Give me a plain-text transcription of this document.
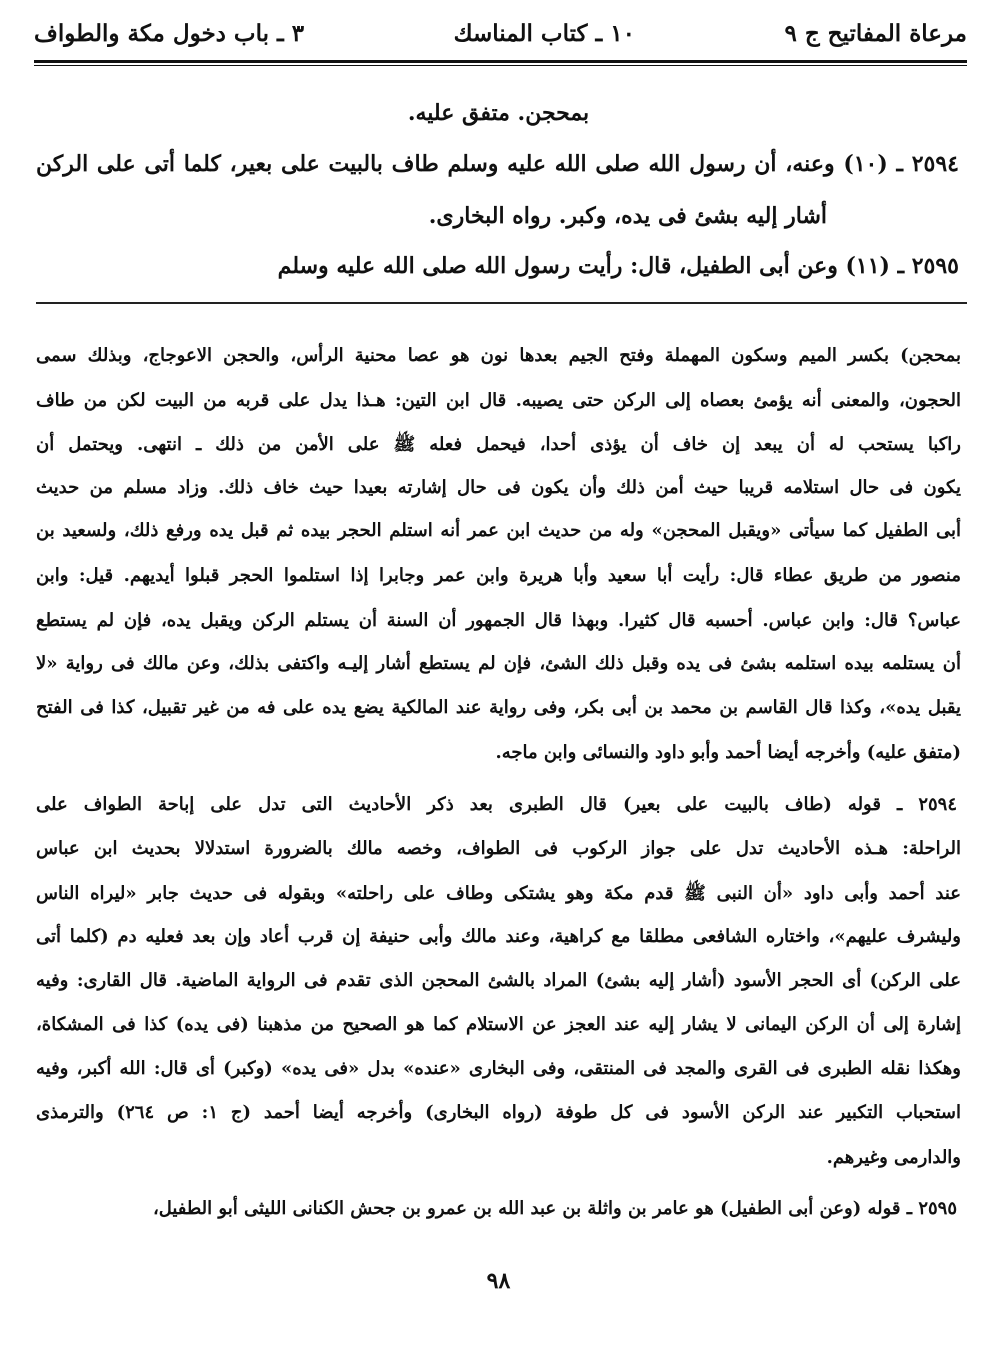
مرعاة المفاتيح ج ٩
١٠ ـ كتاب المناسك
٣ ـ باب دخول مكة والطواف
بمحجن. متفق عليه.
٢٥٩٤ ـ (١٠) وعنه، أن رسول الله صلى الله عليه وسلم طاف بالبيت على بعير، كلما أتى على الركن
أشار إليه بشئ فى يده، وكبر. رواه البخارى.
٢٥٩٥ ـ (١١) وعن أبى الطفيل، قال: رأيت رسول الله صلى الله عليه وسلم
بمحجن) بكسر الميم وسكون المهملة وفتح الجيم بعدها نون هو عصا محنية الرأس، والحجن الاعوجاج، وبذلك سمى
الحجون، والمعنى أنه يؤمئ بعصاه إلى الركن حتى يصيبه. قال ابن التين: هـذا يدل على قربه من البيت لكن من طاف
راكبا يستحب له أن يبعد إن خاف أن يؤذى أحدا، فيحمل فعله ﷺ على الأمن من ذلك ـ انتهى. ويحتمل أن
يكون فى حال استلامه قريبا حيث أمن ذلك وأن يكون فى حال إشارته بعيدا حيث خاف ذلك. وزاد مسلم من حديث
أبى الطفيل كما سيأتى «ويقبل المحجن» وله من حديث ابن عمر أنه استلم الحجر بيده ثم قبل يده ورفع ذلك، ولسعيد بن
منصور من طريق عطاء قال: رأيت أبا سعيد وأبا هريرة وابن عمر وجابرا إذا استلموا الحجر قبلوا أيديهم. قيل: وابن
عباس؟ قال: وابن عباس. أحسبه قال كثيرا. وبهذا قال الجمهور أن السنة أن يستلم الركن ويقبل يده، فإن لم يستطع
أن يستلمه بيده استلمه بشئ فى يده وقبل ذلك الشئ، فإن لم يستطع أشار إليـه واكتفى بذلك، وعن مالك فى رواية «لا
يقبل يده»، وكذا قال القاسم بن محمد بن أبى بكر، وفى رواية عند المالكية يضع يده على فه من غير تقبيل، كذا فى الفتح
(متفق عليه) وأخرجه أيضا أحمد وأبو داود والنسائى وابن ماجه.
٢٥٩٤ ـ قوله (طاف بالبيت على بعير) قال الطبرى بعد ذكر الأحاديث التى تدل على إباحة الطواف على
الراحلة: هـذه الأحاديث تدل على جواز الركوب فى الطواف، وخصه مالك بالضرورة استدلالا بحديث ابن عباس
عند أحمد وأبى داود «أن النبى ﷺ قدم مكة وهو يشتكى وطاف على راحلته» وبقوله فى حديث جابر «ليراه الناس
وليشرف عليهم»، واختاره الشافعى مطلقا مع كراهية، وعند مالك وأبى حنيفة إن قرب أعاد وإن بعد فعليه دم (كلما أتى
على الركن) أى الحجر الأسود (أشار إليه بشئ) المراد بالشئ المحجن الذى تقدم فى الرواية الماضية. قال القارى: وفيه
إشارة إلى أن الركن اليمانى لا يشار إليه عند العجز عن الاستلام كما هو الصحيح من مذهبنا (فى يده) كذا فى المشكاة،
وهكذا نقله الطبرى فى القرى والمجد فى المنتقى، وفى البخارى «عنده» بدل «فى يده» (وكبر) أى قال: الله أكبر، وفيه
استحباب التكبير عند الركن الأسود فى كل طوفة (رواه البخارى) وأخرجه أيضا أحمد (ج ١: ص ٢٦٤) والترمذى
والدارمى وغيرهم.
٢٥٩٥ ـ قوله (وعن أبى الطفيل) هو عامر بن واثلة بن عبد الله بن عمرو بن جحش الكنانى الليثى أبو الطفيل،
٩٨
